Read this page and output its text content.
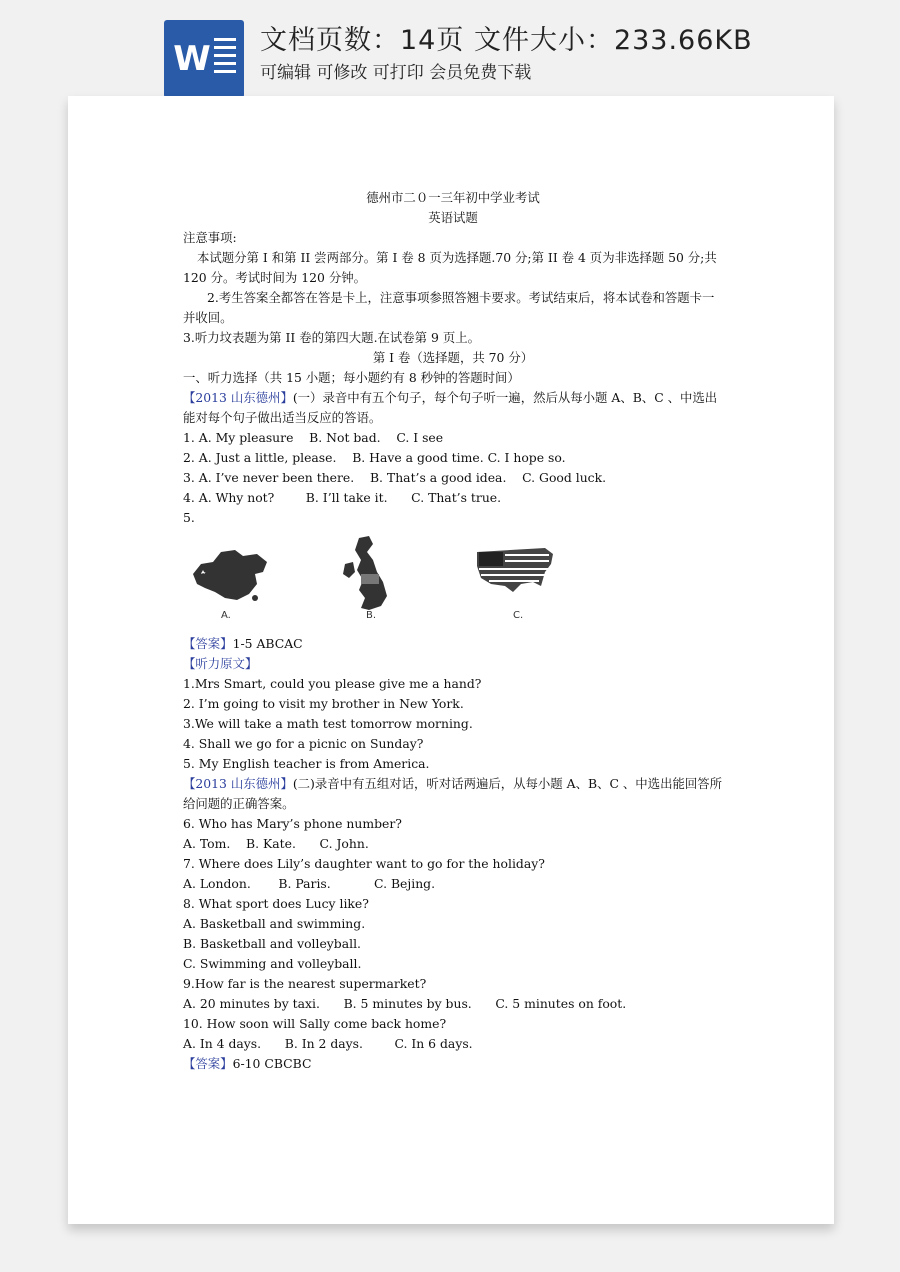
W 文档页数：14页 文件大小：233.66KB
可编辑 可修改 可打印 会员免费下载
德州市二０一三年初中学业考试
英语试题
注意事项:
本试题分第 I 和第 II 尝两部分。第 I 卷 8 页为选择题.70 分;第 II 卷 4 页为非选择题 50 分;共 120 分。考试时间为 120 分钟。
2.考生答案全都答在答是卡上，注意事项参照答翘卡要求。考试结束后，将本试卷和答题卡一并收回。
3.听力坟表题为第 II 卷的第四大题.在试卷第 9 页上。
第 I 卷（选择题，共 70 分）
一、听力选择（共 15 小题；每小题约有 8 秒钟的答题时间）
【2013 山东德州】(一）录音中有五个句子，每个句子听一遍，然后从每小题 A、B、C 、中选出能对每个句子做出适当反应的答语。
1. A. My pleasure    B. Not bad.    C. I see
2. A. Just a little, please.    B. Have a good time. C. I hope so.
3. A. I’ve never been there.    B. That’s a good idea.    C. Good luck.
4. A. Why not?        B. I’ll take it.      C. That’s true.
5.
A.	B.	C.
【答案】1-5 ABCAC
【听力原文】
1.Mrs Smart, could you please give me a hand?
2. I’m going to visit my brother in New York.
3.We will take a math test tomorrow morning.
4. Shall we go for a picnic on Sunday?
5. My English teacher is from America.
【2013 山东德州】(二)录音中有五组对话，听对话两遍后，从每小题 A、B、C 、中选出能回答所给问题的正确答案。
6. Who has Mary’s phone number?
A. Tom.    B. Kate.      C. John.
7. Where does Lily’s daughter want to go for the holiday?
A. London.       B. Paris.           C. Bejing.
8. What sport does Lucy like?
A. Basketball and swimming.
B. Basketball and volleyball.
C. Swimming and volleyball.
9.How far is the nearest supermarket?
A. 20 minutes by taxi.      B. 5 minutes by bus.      C. 5 minutes on foot.
10. How soon will Sally come back home?
A. In 4 days.      B. In 2 days.        C. In 6 days.
【答案】6-10 CBCBC
